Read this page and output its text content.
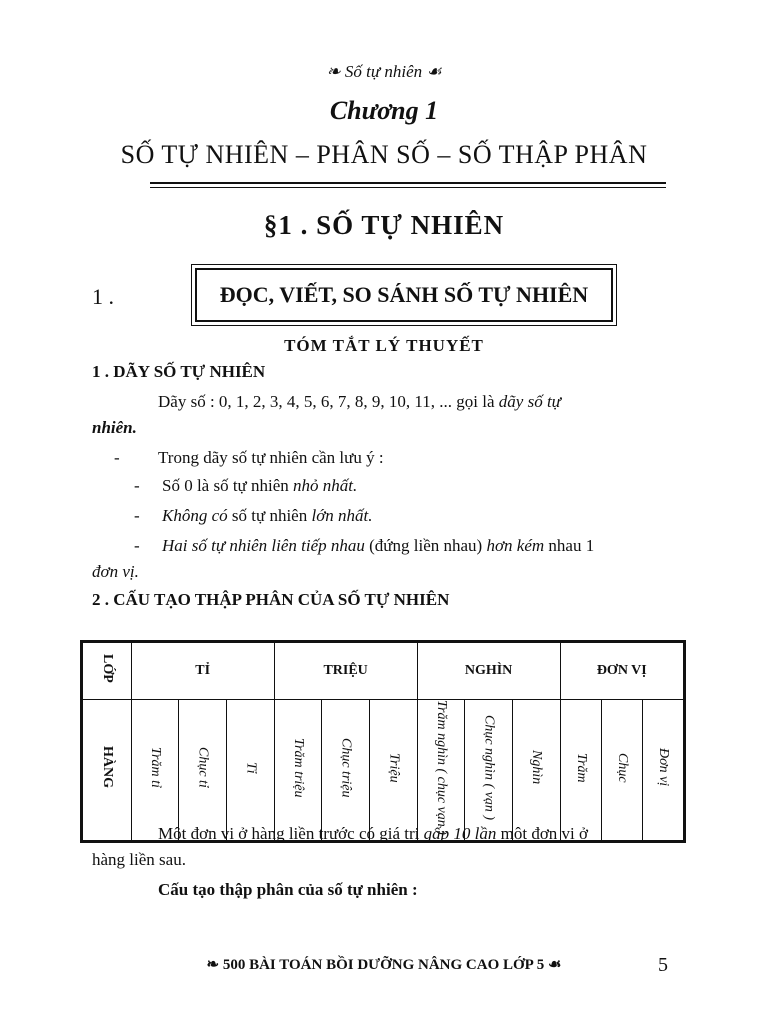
❧ Số tự nhiên ☙
Chương 1
SỐ TỰ NHIÊN – PHÂN SỐ – SỐ THẬP PHÂN
§1 . SỐ TỰ NHIÊN
1 .	ĐỌC, VIẾT, SO SÁNH SỐ TỰ NHIÊN
TÓM TẮT LÝ THUYẾT
1 . DÃY SỐ TỰ NHIÊN
Dãy số : 0, 1, 2, 3, 4, 5, 6, 7, 8, 9, 10, 11, ... gọi là dãy số tự
nhiên.
- Trong dãy số tự nhiên cần lưu ý :
- Số 0 là số tự nhiên nhỏ nhất.
- Không có số tự nhiên lớn nhất.
- Hai số tự nhiên liên tiếp nhau (đứng liền nhau) hơn kém nhau 1
đơn vị.
2 . CẤU TẠO THẬP PHÂN CỦA SỐ TỰ NHIÊN
LỚP	TỈ			TRIỆU			NGHÌN			ĐƠN VỊ		
HÀNG	Trăm tỉ	Chục tỉ	Tỉ	Trăm triệu	Chục triệu	Triệu	Trăm nghìn ( chục vạn )	Chục nghìn ( vạn )	Nghìn	Trăm	Chục	Đơn vị
Một đơn vị ở hàng liền trước có giá trị gấp 10 lần một đơn vị ở
hàng liền sau.
Cấu tạo thập phân của số tự nhiên :
❧ 500 BÀI TOÁN BỒI DƯỠNG NÂNG CAO LỚP 5 ☙	5
